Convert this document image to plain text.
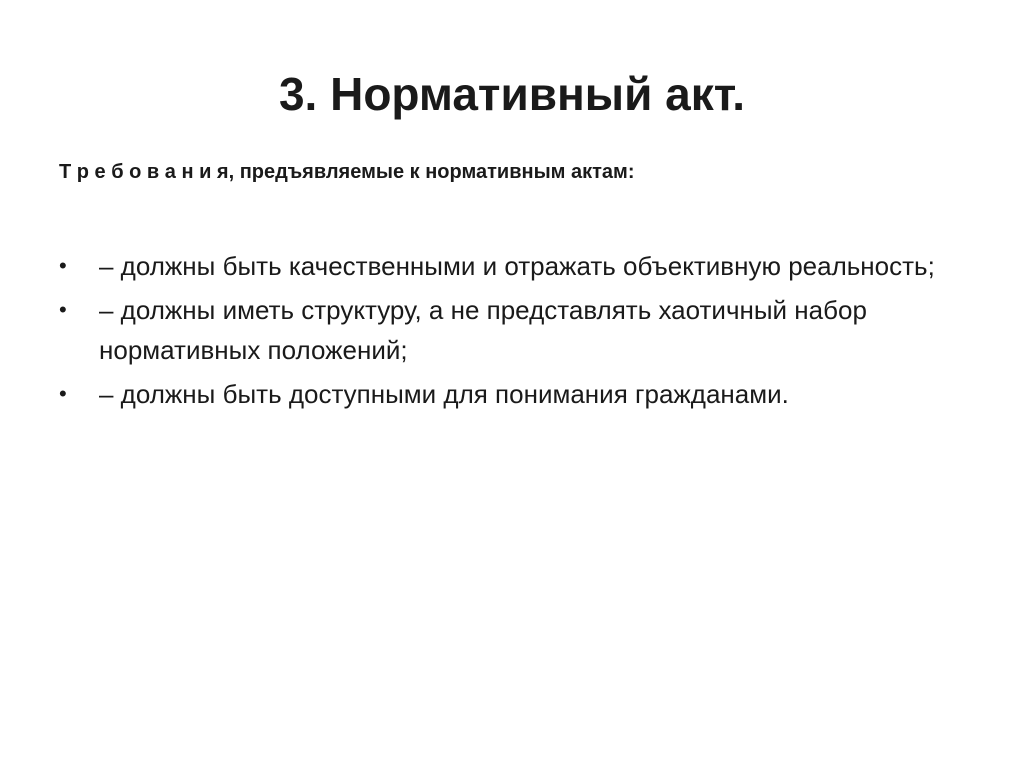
3. Нормативный акт.
Т р е б о в а н и я, предъявляемые к нормативным актам:
• – должны быть качественными и отражать объективную реальность;
• – должны иметь структуру, а не представлять хаотичный набор нормативных положений;
• – должны быть доступными для понимания гражданами.
